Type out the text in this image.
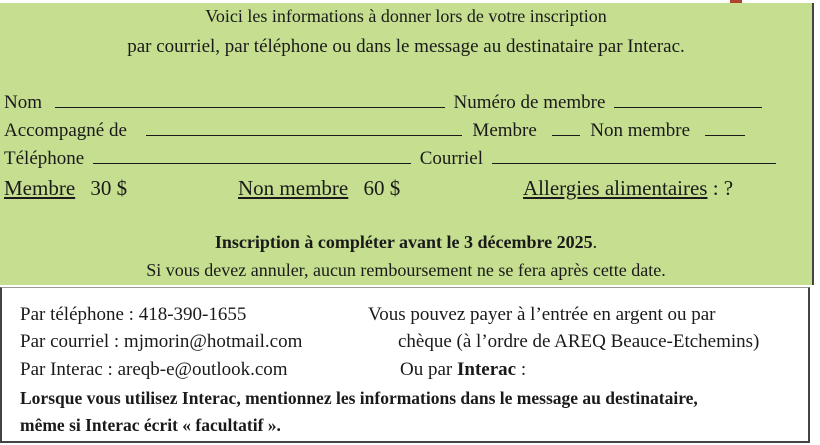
Voici les informations à donner lors de votre inscription
par courriel, par téléphone ou dans le message au destinataire par Interac.
Nom	Numéro de membre
Accompagné de	Membre	Non membre
Téléphone	Courriel
Membre 30 $	Non membre 60 $	Allergies alimentaires : ?
Inscription à compléter avant le 3 décembre 2025.
Si vous devez annuler, aucun remboursement ne se fera après cette date.
Par téléphone : 418-390-1655	Vous pouvez payer à l’entrée en argent ou par
Par courriel : mjmorin@hotmail.com	chèque (à l’ordre de AREQ Beauce-Etchemins)
Par Interac : areqb-e@outlook.com	Ou par Interac :
Lorsque vous utilisez Interac, mentionnez les informations dans le message au destinataire,
même si Interac écrit « facultatif ».
